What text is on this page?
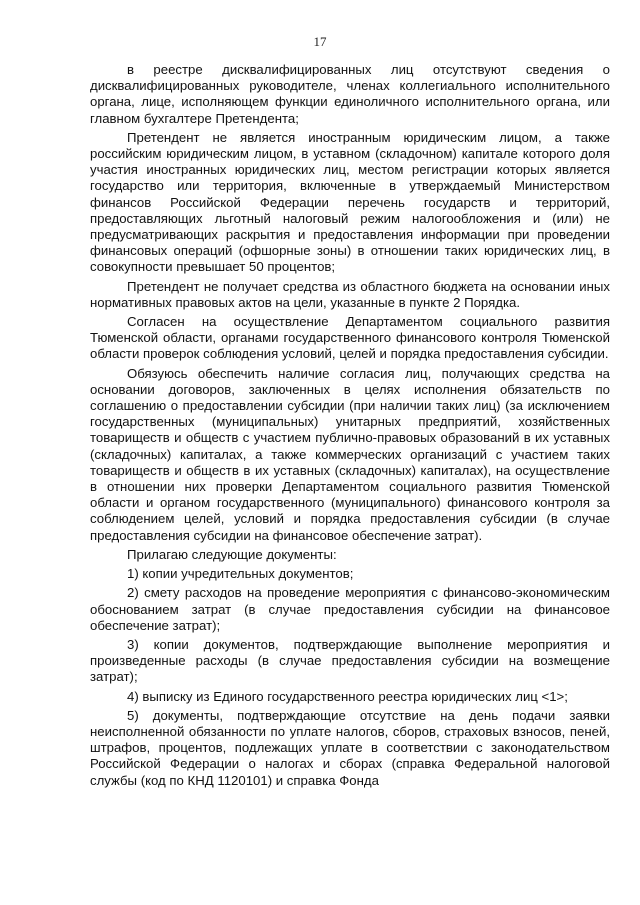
17

в реестре дисквалифицированных лиц отсутствуют сведения о дисквалифицированных руководителе, членах коллегиального исполнительного органа, лице, исполняющем функции единоличного исполнительного органа, или главном бухгалтере Претендента;

Претендент не является иностранным юридическим лицом, а также российским юридическим лицом, в уставном (складочном) капитале которого доля участия иностранных юридических лиц, местом регистрации которых является государство или территория, включенные в утверждаемый Министерством финансов Российской Федерации перечень государств и территорий, предоставляющих льготный налоговый режим налогообложения и (или) не предусматривающих раскрытия и предоставления информации при проведении финансовых операций (офшорные зоны) в отношении таких юридических лиц, в совокупности превышает 50 процентов;

Претендент не получает средства из областного бюджета на основании иных нормативных правовых актов на цели, указанные в пункте 2 Порядка.

Согласен на осуществление Департаментом социального развития Тюменской области, органами государственного финансового контроля Тюменской области проверок соблюдения условий, целей и порядка предоставления субсидии.

Обязуюсь обеспечить наличие согласия лиц, получающих средства на основании договоров, заключенных в целях исполнения обязательств по соглашению о предоставлении субсидии (при наличии таких лиц) (за исключением государственных (муниципальных) унитарных предприятий, хозяйственных товариществ и обществ с участием публично-правовых образований в их уставных (складочных) капиталах, а также коммерческих организаций с участием таких товариществ и обществ в их уставных (складочных) капиталах), на осуществление в отношении них проверки Департаментом социального развития Тюменской области и органом государственного (муниципального) финансового контроля за соблюдением целей, условий и порядка предоставления субсидии (в случае предоставления субсидии на финансовое обеспечение затрат).

Прилагаю следующие документы:

1) копии учредительных документов;

2) смету расходов на проведение мероприятия с финансово-экономическим обоснованием затрат (в случае предоставления субсидии на финансовое обеспечение затрат);

3) копии документов, подтверждающие выполнение мероприятия и произведенные расходы (в случае предоставления субсидии на возмещение затрат);

4) выписку из Единого государственного реестра юридических лиц <1>;

5) документы, подтверждающие отсутствие на день подачи заявки неисполненной обязанности по уплате налогов, сборов, страховых взносов, пеней, штрафов, процентов, подлежащих уплате в соответствии с законодательством Российской Федерации о налогах и сборах (справка Федеральной налоговой службы (код по КНД 1120101) и справка Фонда
